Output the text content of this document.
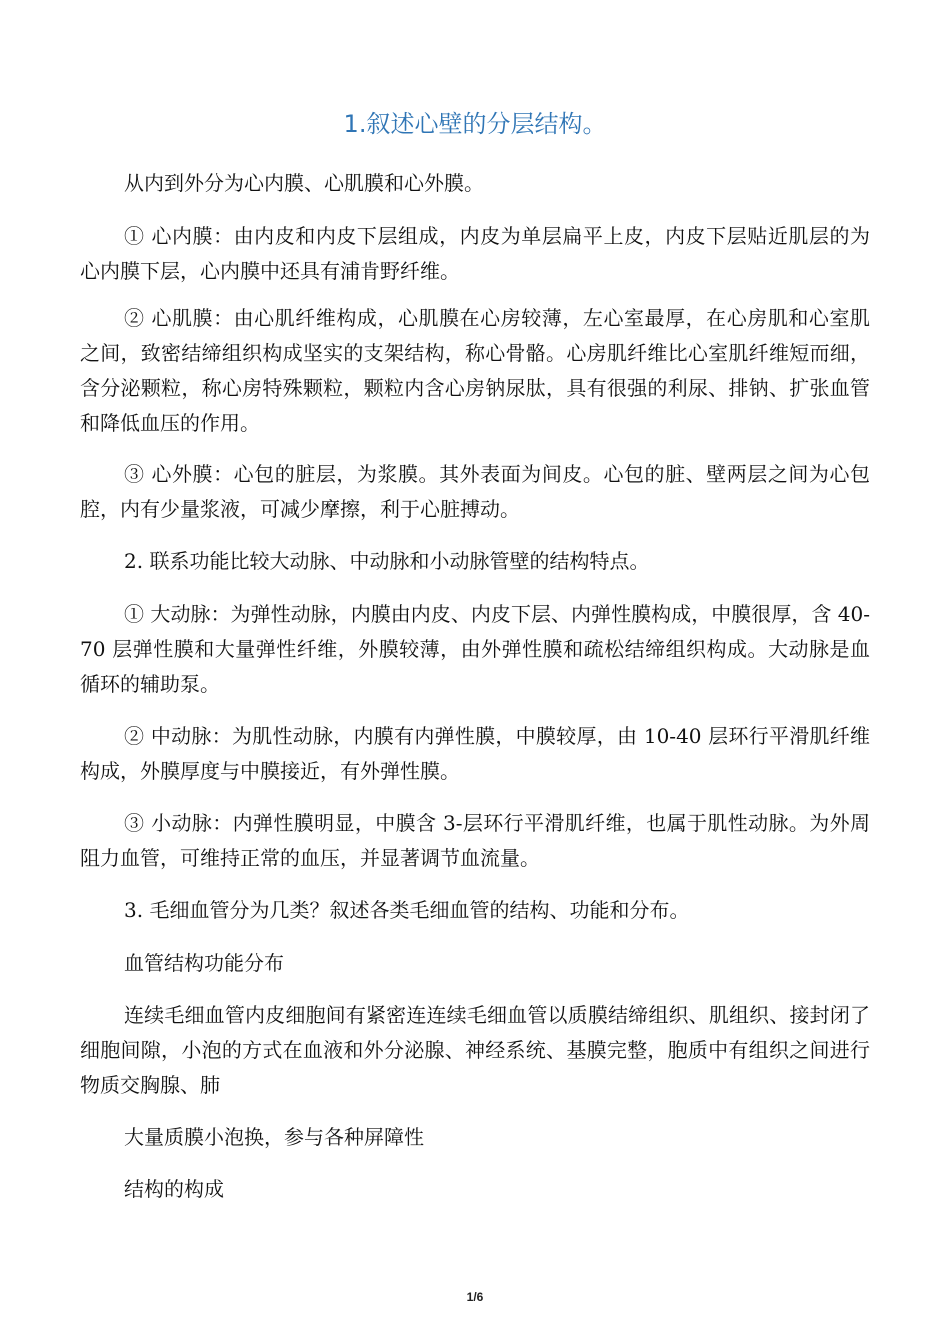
1.叙述心壁的分层结构。

从内到外分为心内膜、心肌膜和心外膜。

① 心内膜：由内皮和内皮下层组成，内皮为单层扁平上皮，内皮下层贴近肌层的为心内膜下层，心内膜中还具有浦肯野纤维。

② 心肌膜：由心肌纤维构成，心肌膜在心房较薄，左心室最厚，在心房肌和心室肌之间，致密结缔组织构成坚实的支架结构，称心骨骼。心房肌纤维比心室肌纤维短而细，含分泌颗粒，称心房特殊颗粒，颗粒内含心房钠尿肽，具有很强的利尿、排钠、扩张血管和降低血压的作用。

③ 心外膜：心包的脏层，为浆膜。其外表面为间皮。心包的脏、壁两层之间为心包腔，内有少量浆液，可减少摩擦，利于心脏搏动。

2. 联系功能比较大动脉、中动脉和小动脉管壁的结构特点。

① 大动脉：为弹性动脉，内膜由内皮、内皮下层、内弹性膜构成，中膜很厚，含 40-70 层弹性膜和大量弹性纤维，外膜较薄，由外弹性膜和疏松结缔组织构成。大动脉是血循环的辅助泵。

② 中动脉：为肌性动脉，内膜有内弹性膜，中膜较厚，由 10-40 层环行平滑肌纤维构成，外膜厚度与中膜接近，有外弹性膜。

③ 小动脉：内弹性膜明显，中膜含 3-层环行平滑肌纤维，也属于肌性动脉。为外周阻力血管，可维持正常的血压，并显著调节血流量。

3. 毛细血管分为几类？叙述各类毛细血管的结构、功能和分布。

血管结构功能分布

连续毛细血管内皮细胞间有紧密连连续毛细血管以质膜结缔组织、肌组织、接封闭了细胞间隙，小泡的方式在血液和外分泌腺、神经系统、基膜完整，胞质中有组织之间进行物质交胸腺、肺

大量质膜小泡换，参与各种屏障性

结构的构成

1/6
